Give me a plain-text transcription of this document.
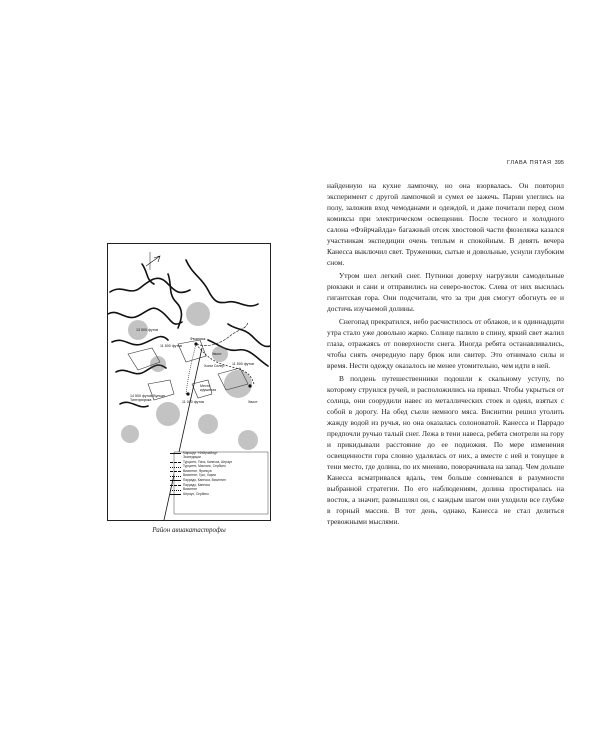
13 500 футов
Фюзеляж
11 500 футов
Хвост
Холм Селер 11 500 футов
14 500 футов Вулкан Тинтиририка
Место крушения
11 000 футов	Хвост
Маршрут «Фэйрчайлд»
Экспедиции
Турцатти, Паэс, Канесса, Штраух
Турцатти, Маспонс, Сербино
Висинтин, Франсуа
Висинтин, Гусс, Харли
Паррадо, Канесса, Висинтин
Паррадо, Канесса
Висинтин
Штраух, Сербино
Район авиакатастрофы
ГЛАВА ПЯТАЯ 395

найденную на кухне лампочку, но она взорвалась. Он повторил эксперимент с другой лампочкой и сумел ее зажечь. Парни улеглись на полу, заложив вход чемоданами и одеждой, и даже почитали перед сном комиксы при электрическом освещении. После тесного и холодного салона «Фэйрчайлда» багажный отсек хвостовой части фюзеляжа казался участникам экспедиции очень теплым и спокойным. В девять вечера Канесса выключил свет. Труженики, сытые и довольные, уснули глубоким сном.

Утром шел легкий снег. Путники доверху нагрузили самодельные рюкзаки и сани и отправились на северо-восток. Слева от них высилась гигантская гора. Они подсчитали, что за три дня смогут обогнуть ее и достичь изучаемой долины.

Снегопад прекратился, небо расчистилось от облаков, и к одиннадцати утра стало уже довольно жарко. Солнце палило в спину, яркий свет жалил глаза, отражаясь от поверхности снега. Иногда ребята останавливались, чтобы снять очередную пару брюк или свитер. Это отнимало силы и время. Нести одежду оказалось не менее утомительно, чем идти в ней.

В полдень путешественники подошли к скальному уступу, по которому струился ручей, и расположились на привал. Чтобы укрыться от солнца, они соорудили навес из металлических стоек и одеял, взятых с собой в дорогу. На обед съели немного мяса. Висинтин решил утолить жажду водой из ручья, но она оказалась солоноватой. Канесса и Паррадо предпочли ручью талый снег. Лежа в тени навеса, ребята смотрели на гору и прикидывали расстояние до ее подножия. По мере изменения освещенности гора словно удалялась от них, а вместе с ней и тонущее в тени место, где долина, по их мнению, поворачивала на запад. Чем дольше Канесса всматривался вдаль, тем больше сомневался в разумности выбранной стратегии. По его наблюдениям, долина простиралась на восток, а значит, размышлял он, с каждым шагом они уходили все глубже в горный массив. В тот день, однако, Канесса не стал делиться тревожными мыслями.
